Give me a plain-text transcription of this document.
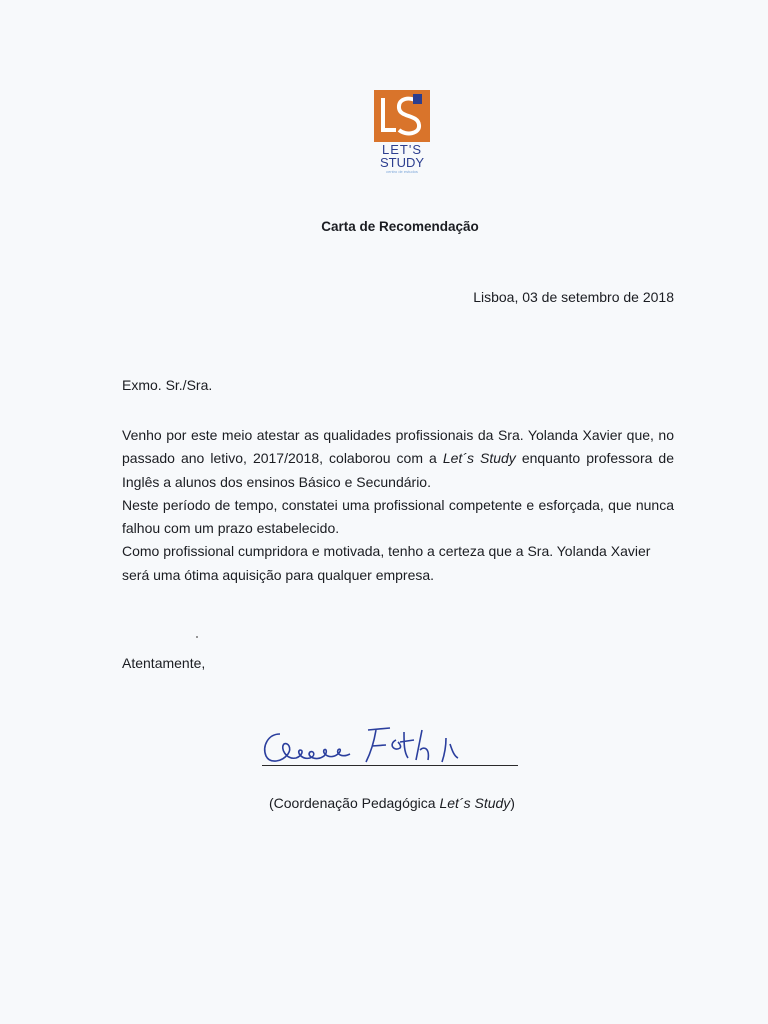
LET'S
STUDY
centro de estudos
Carta de Recomendação
Lisboa, 03 de setembro de 2018
Exmo. Sr./Sra.

Venho por este meio atestar as qualidades profissionais da Sra. Yolanda Xavier que, no passado ano letivo, 2017/2018, colaborou com a Let´s Study enquanto professora de Inglês a alunos dos ensinos Básico e Secundário.

Neste período de tempo, constatei uma profissional competente e esforçada, que nunca falhou com um prazo estabelecido.

Como profissional cumpridora e motivada, tenho a certeza que a Sra. Yolanda Xavier será uma ótima aquisição para qualquer empresa.

Atentamente,
(Coordenação Pedagógica Let´s Study)
